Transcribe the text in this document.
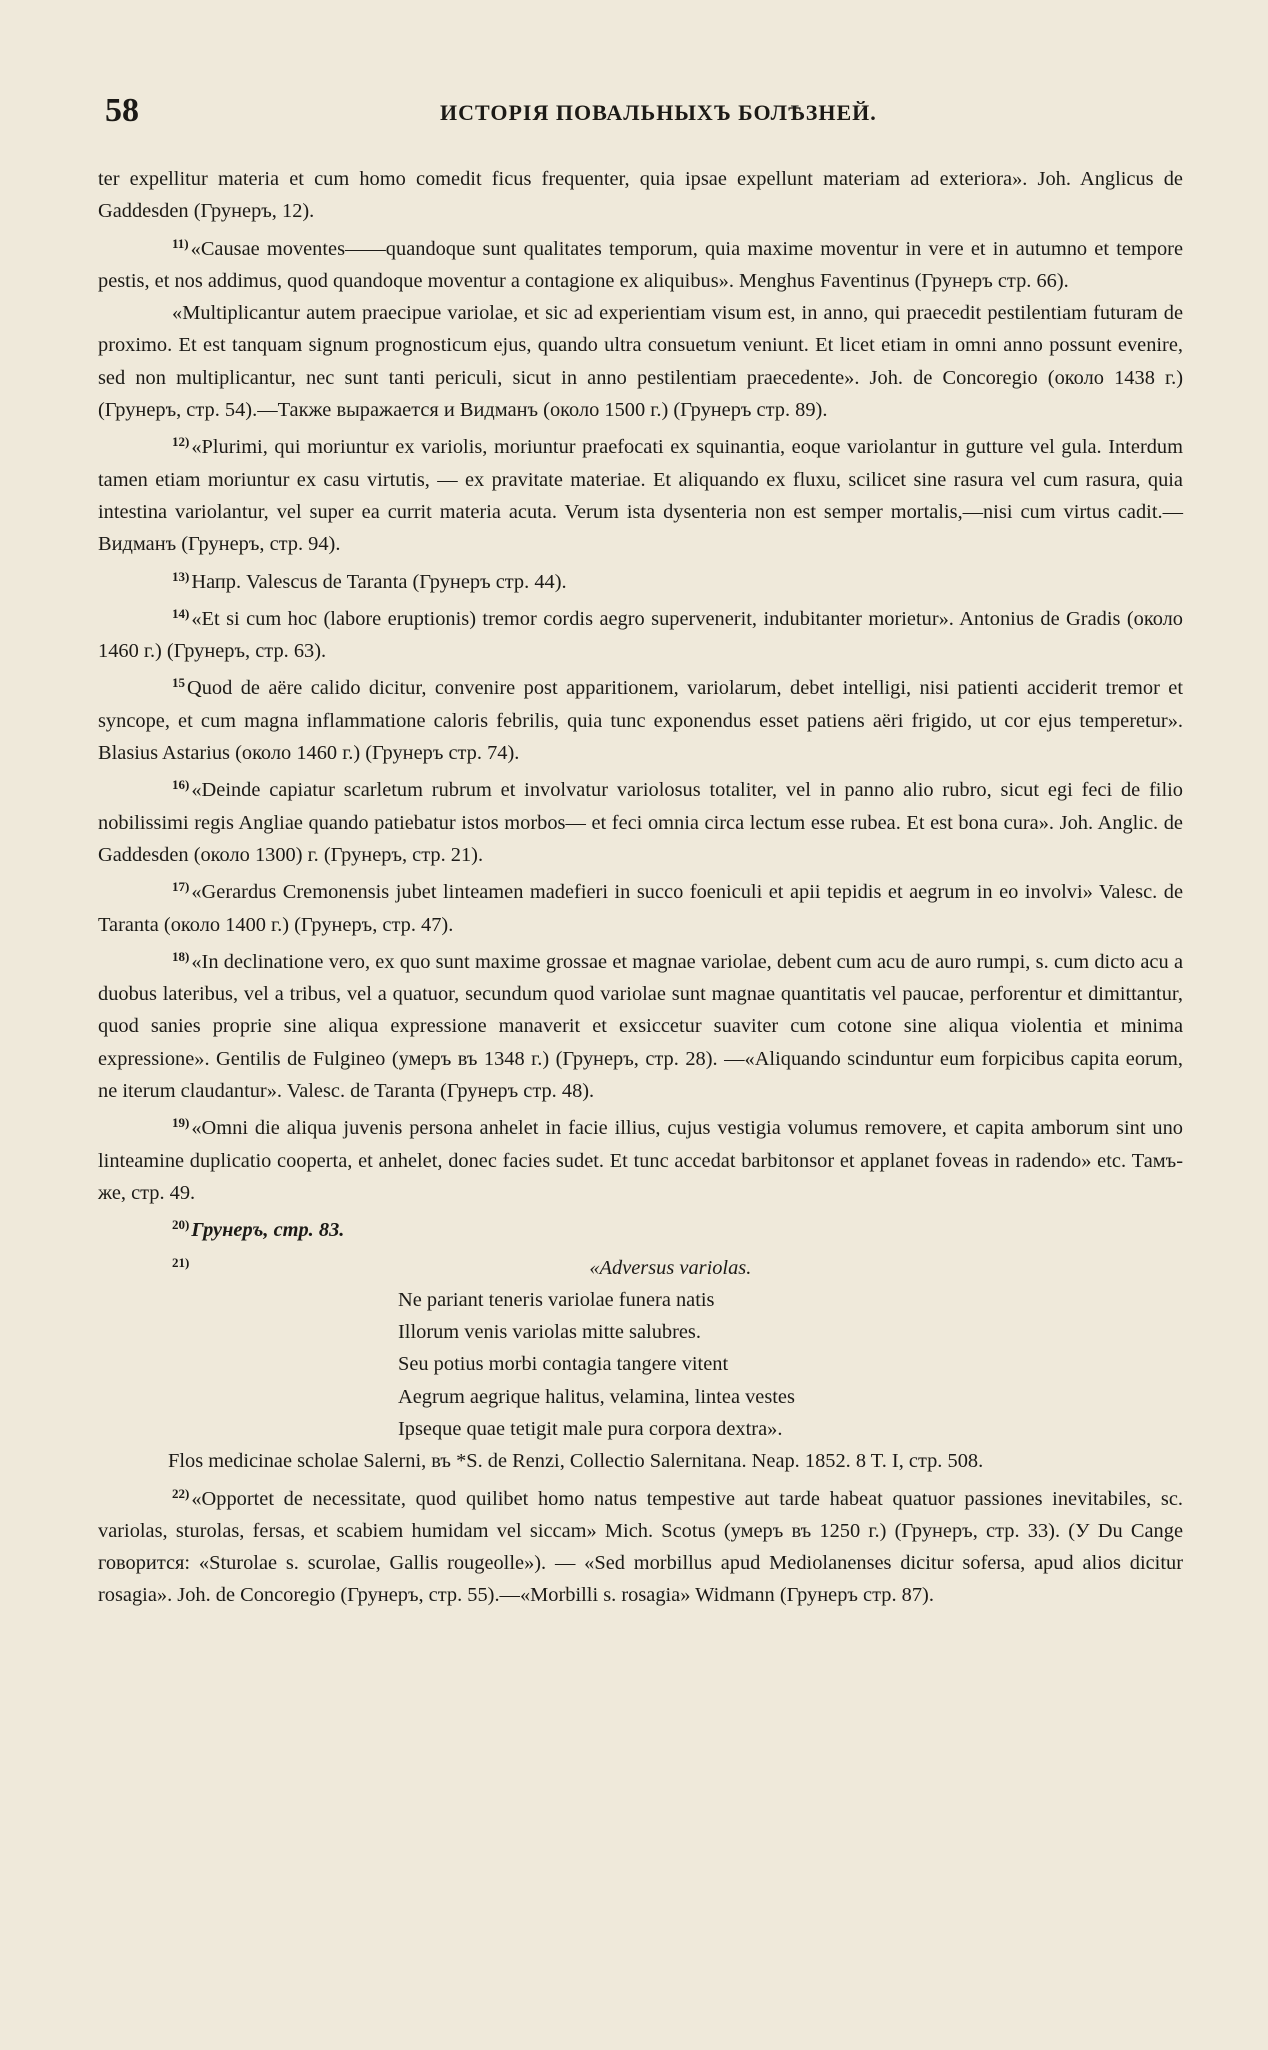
58	ИСТОРІЯ ПОВАЛЬНЫХЪ БОЛѢЗНЕЙ.

ter expellitur materia et cum homo comedit ficus frequenter, quia ipsae expellunt materiam ad exteriora». Joh. Anglicus de Gaddesden (Грунеръ, 12).

$^{11)}$«Causae moventes——quandoque sunt qualitates temporum, quia maxime moventur in vere et in autumno et tempore pestis, et nos addimus, quod quandoque moventur a contagione ex aliquibus». Menghus Faventinus (Грунеръ стр. 66).

«Multiplicantur autem praecipue variolae, et sic ad experientiam visum est, in anno, qui praecedit pestilentiam futuram de proximo. Et est tanquam signum prognosticum ejus, quando ultra consuetum veniunt. Et licet etiam in omni anno possunt evenire, sed non multiplicantur, nec sunt tanti periculi, sicut in anno pestilentiam praecedente». Joh. de Concoregio (около 1438 г.) (Грунеръ, стр. 54).—Также выражается и Видманъ (около 1500 г.) (Грунеръ стр. 89).

$^{12)}$«Plurimi, qui moriuntur ex variolis, moriuntur praefocati ex squinantia, eoque variolantur in gutture vel gula. Interdum tamen etiam moriuntur ex casu virtutis, — ex pravitate materiae. Et aliquando ex fluxu, scilicet sine rasura vel cum rasura, quia intestina variolantur, vel super ea currit materia acuta. Verum ista dysenteria non est semper mortalis,—nisi cum virtus cadit.—Видманъ (Грунеръ, стр. 94).

$^{13)}$Напр. Valescus de Taranta (Грунеръ стр. 44).

$^{14)}$«Et si cum hoc (labore eruptionis) tremor cordis aegro supervenerit, indubitanter morietur». Antonius de Gradis (около 1460 г.) (Грунеръ, стр. 63).

$^{15}$Quod de aëre calido dicitur, convenire post apparitionem, variolarum, debet intelligi, nisi patienti acciderit tremor et syncope, et cum magna inflammatione caloris febrilis, quia tunc exponendus esset patiens aëri frigido, ut cor ejus temperetur». Blasius Astarius (около 1460 г.) (Грунеръ стр. 74).

$^{16)}$«Deinde capiatur scarletum rubrum et involvatur variolosus totaliter, vel in panno alio rubro, sicut egi feci de filio nobilissimi regis Angliae quando patiebatur istos morbos— et feci omnia circa lectum esse rubea. Et est bona cura». Joh. Anglic. de Gaddesden (около 1300) г. (Грунеръ, стр. 21).

$^{17)}$«Gerardus Cremonensis jubet linteamen madefieri in succo foeniculi et apii tepidis et aegrum in eo involvi» Valesc. de Taranta (около 1400 г.) (Грунеръ, стр. 47).

$^{18)}$«In declinatione vero, ex quo sunt maxime grossae et magnae variolae, debent cum acu de auro rumpi, s. cum dicto acu a duobus lateribus, vel a tribus, vel a quatuor, secundum quod variolae sunt magnae quantitatis vel paucae, perforentur et dimittantur, quod sanies proprie sine aliqua expressione manaverit et exsiccetur suaviter cum cotone sine aliqua violentia et minima expressione». Gentilis de Fulgineo (умеръ въ 1348 г.) (Грунеръ, стр. 28). —«Aliquando scinduntur eum forpicibus capita eorum, ne iterum claudantur». Valesc. de Taranta (Грунеръ стр. 48).

$^{19)}$«Omni die aliqua juvenis persona anhelet in facie illius, cujus vestigia volumus removere, et capita amborum sint uno linteamine duplicatio cooperta, et anhelet, donec facies sudet. Et tunc accedat barbitonsor et applanet foveas in radendo» etc. Тамъ-же, стр. 49.

$^{20)}$Грунеръ, стр. 83.

$^{21)}$	«Adversus variolas.

Ne pariant teneris variolae funera natis

Illorum venis variolas mitte salubres.

Seu potius morbi contagia tangere vitent

Aegrum aegrique halitus, velamina, lintea vestes

Ipseque quae tetigit male pura corpora dextra».

Flos medicinae scholae Salerni, въ *S. de Renzi, Collectio Salernitana. Neap. 1852. 8 T. I, стр. 508.

$^{22)}$«Opportet de necessitate, quod quilibet homo natus tempestive aut tarde habeat quatuor passiones inevitabiles, sc. variolas, sturolas, fersas, et scabiem humidam vel siccam» Mich. Scotus (умеръ въ 1250 г.) (Грунеръ, стр. 33). (У Du Cange говорится: «Sturolae s. scurolae, Gallis rougeolle»). — «Sed morbillus apud Mediolanenses dicitur sofersa, apud alios dicitur rosagia». Joh. de Concoregio (Грунеръ, стр. 55).—«Morbilli s. rosagia» Widmann (Грунеръ стр. 87).
